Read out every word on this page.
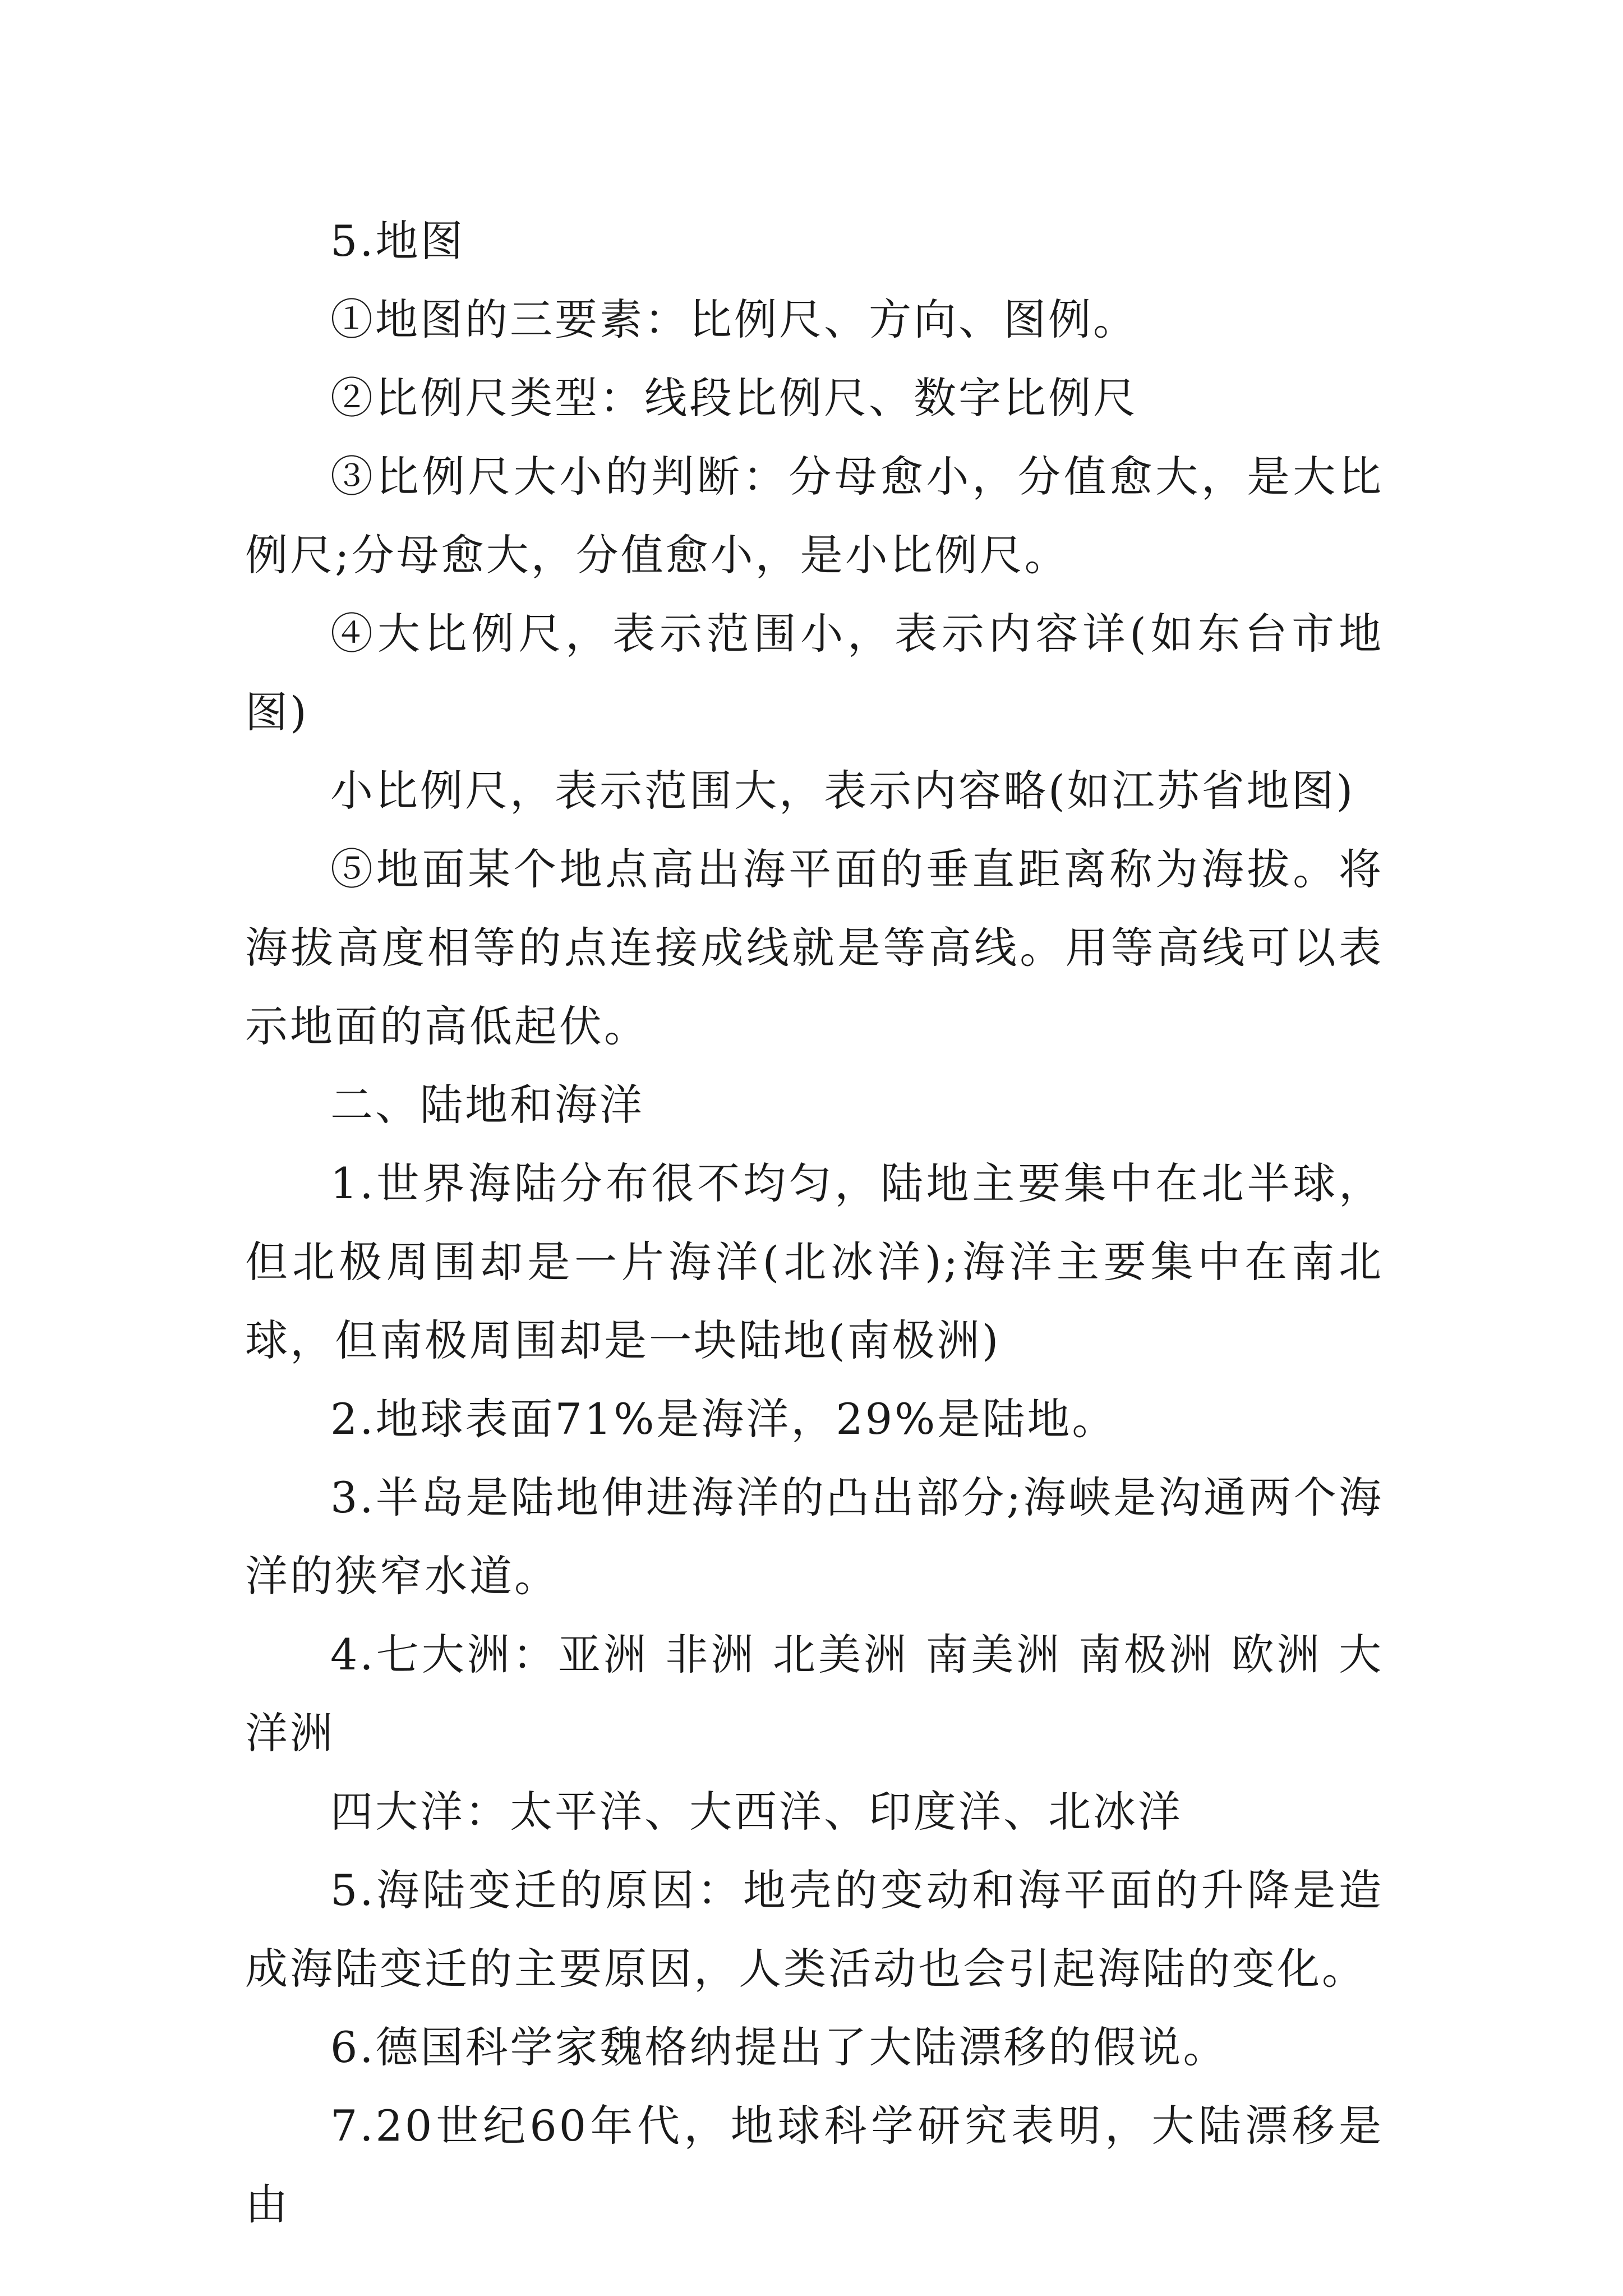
5.地图

①地图的三要素：比例尺、方向、图例。

②比例尺类型：线段比例尺、数字比例尺

③比例尺大小的判断：分母愈小，分值愈大，是大比例尺;分母愈大，分值愈小，是小比例尺。

④大比例尺，表示范围小，表示内容详(如东台市地图)

小比例尺，表示范围大，表示内容略(如江苏省地图)

⑤地面某个地点高出海平面的垂直距离称为海拔。将海拔高度相等的点连接成线就是等高线。用等高线可以表示地面的高低起伏。

二、陆地和海洋

1.世界海陆分布很不均匀，陆地主要集中在北半球，但北极周围却是一片海洋(北冰洋);海洋主要集中在南北球，但南极周围却是一块陆地(南极洲)

2.地球表面71%是海洋，29%是陆地。

3.半岛是陆地伸进海洋的凸出部分;海峡是沟通两个海洋的狭窄水道。

4.七大洲：亚洲 非洲 北美洲 南美洲 南极洲 欧洲 大洋洲

四大洋：太平洋、大西洋、印度洋、北冰洋

5.海陆变迁的原因：地壳的变动和海平面的升降是造成海陆变迁的主要原因，人类活动也会引起海陆的变化。

6.德国科学家魏格纳提出了大陆漂移的假说。

7.20世纪60年代，地球科学研究表明，大陆漂移是由
